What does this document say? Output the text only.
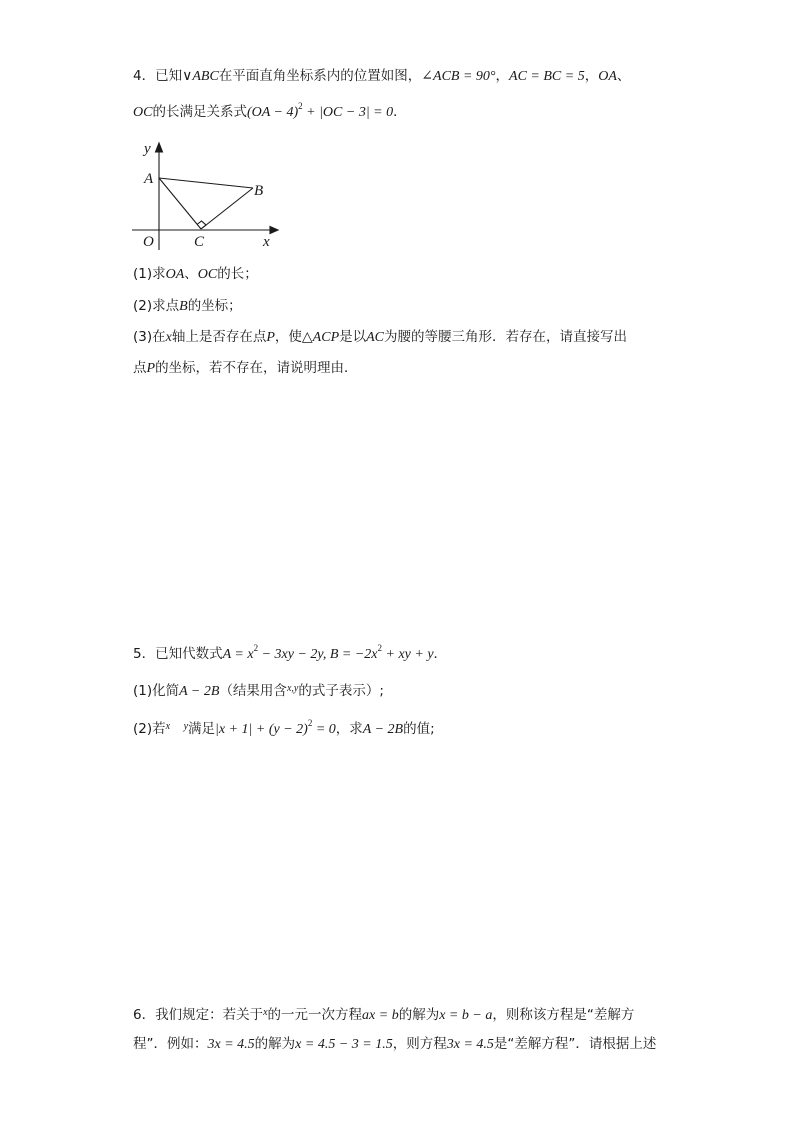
4．已知∨ABC在平面直角坐标系内的位置如图，∠ACB = 90°，AC = BC = 5，OA、
OC的长满足关系式(OA − 4)$^2$ + |OC − 3| = 0．
y
A
B
O	C	x
(1)求OA、OC的长；
(2)求点B的坐标；
(3)在x轴上是否存在点P，使△ACP是以AC为腰的等腰三角形．若存在，请直接写出
点P的坐标，若不存在，请说明理由．
5．已知代数式$A = x^2 - 3xy - 2y$, $B = -2x^2$ + xy + y．
(1)化简A − 2B（结果用含$^{x,y}$的式子表示）;
(2)若$^x$ $^y$满足$|x + 1| + (y - 2)^2 = 0$，求A − 2B的值;
6．我们规定：若关于$^x$的一元一次方程ax = b的解为x = b − a，则称该方程是“差解方
程”．例如：3x = 4.5的解为x = 4.5 − 3 = 1.5，则方程3x = 4.5是“差解方程”．请根据上述
